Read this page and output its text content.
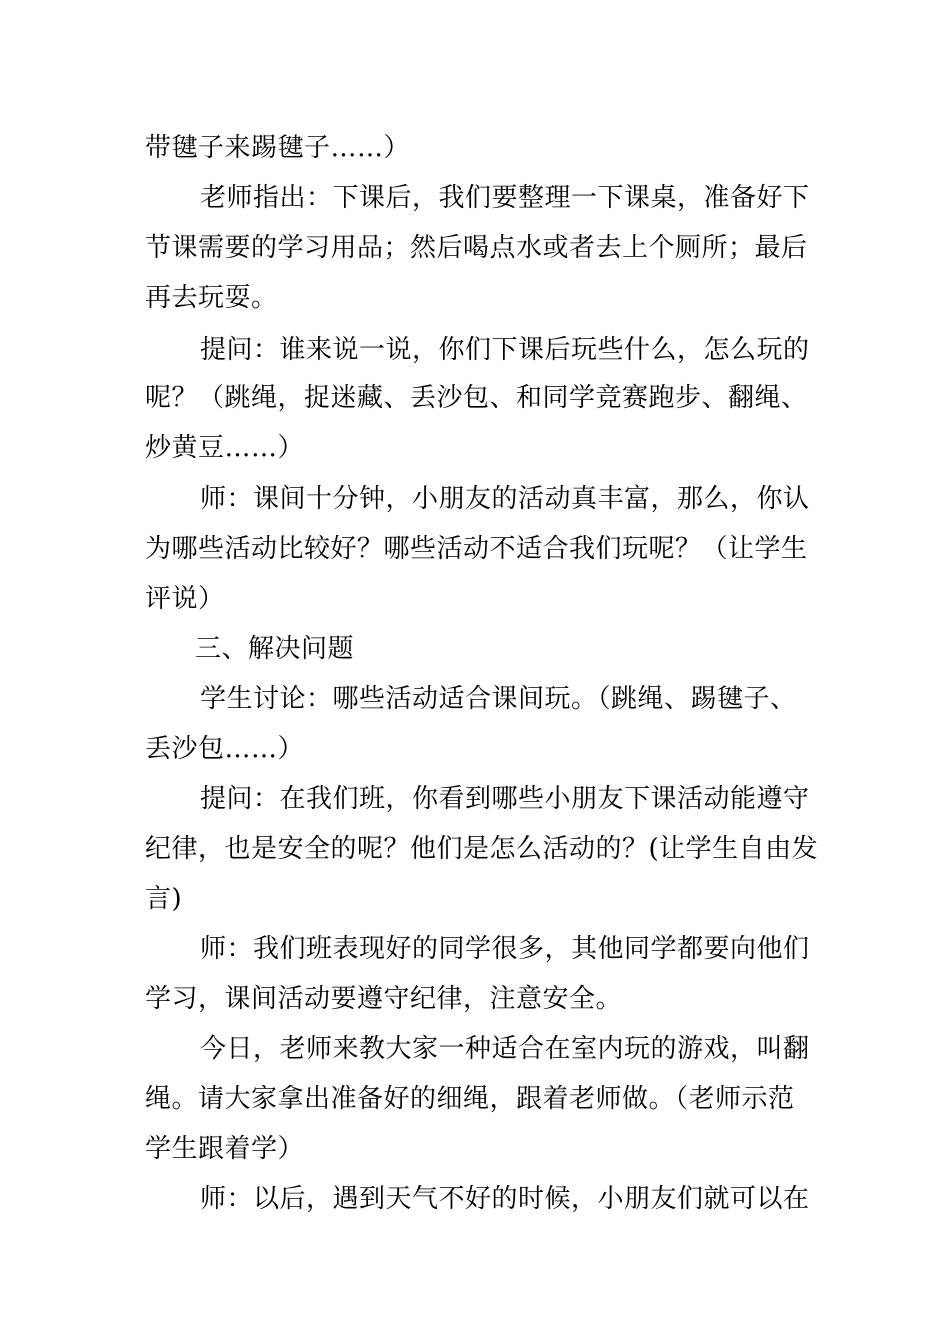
带毽子来踢毽子……）
老师指出：下课后，我们要整理一下课桌，准备好下
节课需要的学习用品；然后喝点水或者去上个厕所；最后
再去玩耍。
提问：谁来说一说，你们下课后玩些什么，怎么玩的
呢？（跳绳，捉迷藏、丢沙包、和同学竞赛跑步、翻绳、
炒黄豆……）
师：课间十分钟，小朋友的活动真丰富，那么，你认
为哪些活动比较好？哪些活动不适合我们玩呢？（让学生
评说）
三、解决问题
学生讨论：哪些活动适合课间玩。（跳绳、踢毽子、
丢沙包……）
提问：在我们班，你看到哪些小朋友下课活动能遵守
纪律，也是安全的呢？他们是怎么活动的？(让学生自由发
言)
师：我们班表现好的同学很多，其他同学都要向他们
学习，课间活动要遵守纪律，注意安全。
今日，老师来教大家一种适合在室内玩的游戏，叫翻
绳。请大家拿出准备好的细绳，跟着老师做。（老师示范
学生跟着学）
师：以后，遇到天气不好的时候，小朋友们就可以在
